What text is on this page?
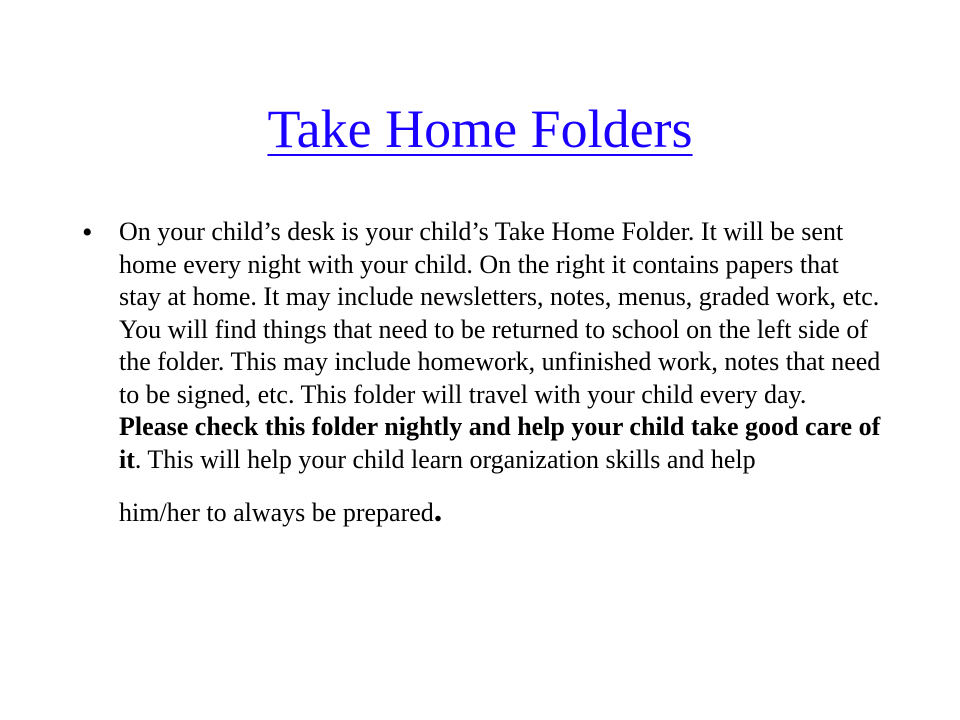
Take Home Folders
• On your child’s desk is your child’s Take Home Folder. It will be sent home every night with your child. On the right it contains papers that stay at home. It may include newsletters, notes, menus, graded work, etc. You will find things that need to be returned to school on the left side of the folder. This may include homework, unfinished work, notes that need to be signed, etc. This folder will travel with your child every day. Please check this folder nightly and help your child take good care of it. This will help your child learn organization skills and help
him/her to always be prepared.
